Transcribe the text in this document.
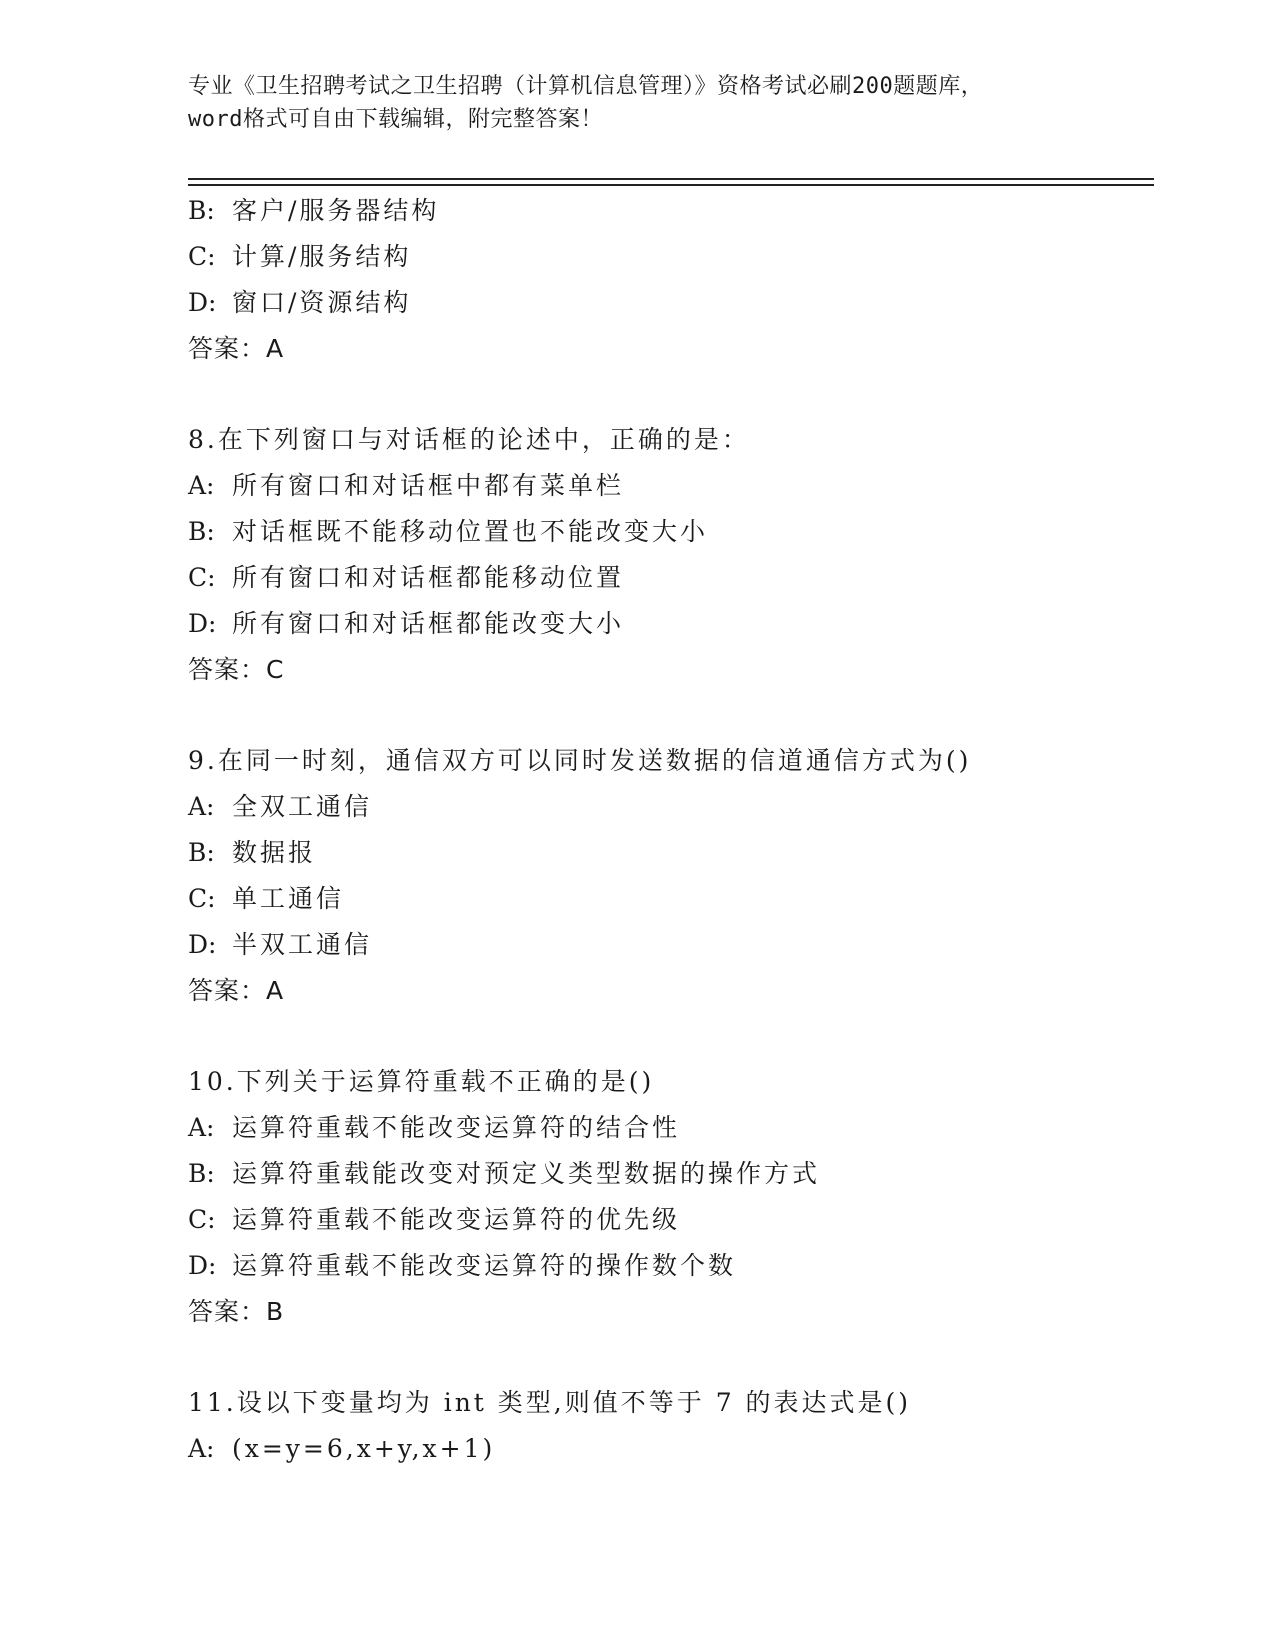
专业《卫生招聘考试之卫生招聘（计算机信息管理）》资格考试必刷200题题库，
word格式可自由下载编辑，附完整答案！
B: 客户/服务器结构
C: 计算/服务结构
D: 窗口/资源结构
答案：A
8.在下列窗口与对话框的论述中，正确的是：
A: 所有窗口和对话框中都有菜单栏
B: 对话框既不能移动位置也不能改变大小
C: 所有窗口和对话框都能移动位置
D: 所有窗口和对话框都能改变大小
答案：C
9.在同一时刻，通信双方可以同时发送数据的信道通信方式为()
A: 全双工通信
B: 数据报
C: 单工通信
D: 半双工通信
答案：A
10.下列关于运算符重载不正确的是()
A: 运算符重载不能改变运算符的结合性
B: 运算符重载能改变对预定义类型数据的操作方式
C: 运算符重载不能改变运算符的优先级
D: 运算符重载不能改变运算符的操作数个数
答案：B
11.设以下变量均为 int 类型,则值不等于 7 的表达式是()
A: (x=y=6,x+y,x+1)
